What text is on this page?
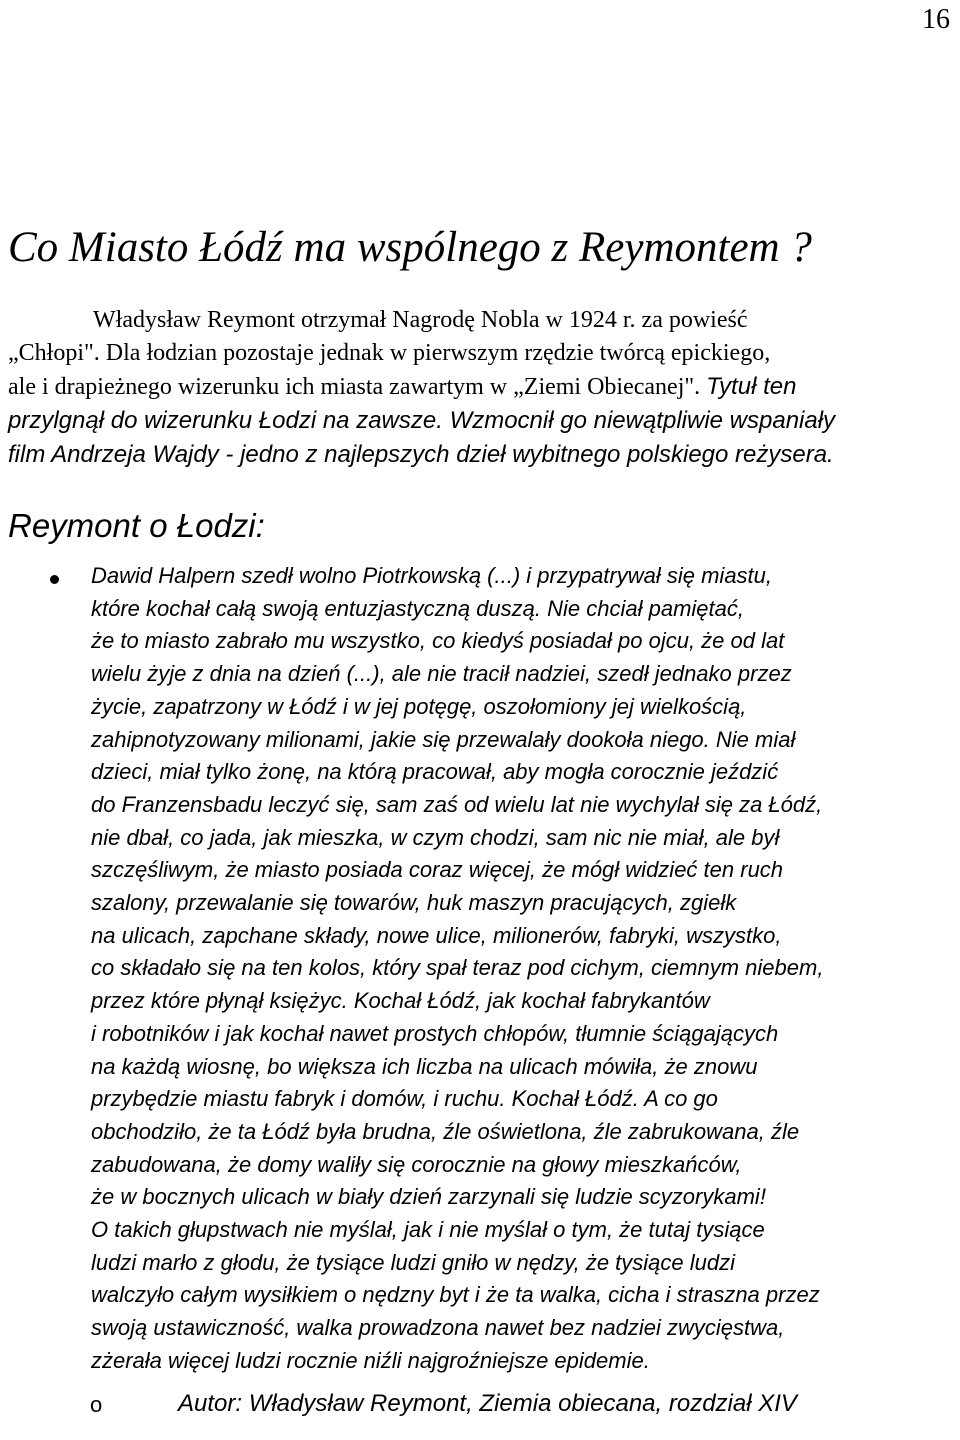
16
Co Miasto Łódź ma wspólnego z Reymontem ?

Władysław Reymont otrzymał Nagrodę Nobla w 1924 r. za powieść
„Chłopi". Dla łodzian pozostaje jednak w pierwszym rzędzie twórcą epickiego,
ale i drapieżnego wizerunku ich miasta zawartym w „Ziemi Obiecanej". Tytuł ten
przylgnął do wizerunku Łodzi na zawsze. Wzmocnił go niewątpliwie wspaniały
film Andrzeja Wajdy - jedno z najlepszych dzieł wybitnego polskiego reżysera.

Reymont o Łodzi:

Dawid Halpern szedł wolno Piotrkowską (...) i przypatrywał się miastu,
które kochał całą swoją entuzjastyczną duszą. Nie chciał pamiętać,
że to miasto zabrało mu wszystko, co kiedyś posiadał po ojcu, że od lat
wielu żyje z dnia na dzień (...), ale nie tracił nadziei, szedł jednako przez
życie, zapatrzony w Łódź i w jej potęgę, oszołomiony jej wielkością,
zahipnotyzowany milionami, jakie się przewalały dookoła niego. Nie miał
dzieci, miał tylko żonę, na którą pracował, aby mogła corocznie jeździć
do Franzensbadu leczyć się, sam zaś od wielu lat nie wychylał się za Łódź,
nie dbał, co jada, jak mieszka, w czym chodzi, sam nic nie miał, ale był
szczęśliwym, że miasto posiada coraz więcej, że mógł widzieć ten ruch
szalony, przewalanie się towarów, huk maszyn pracujących, zgiełk
na ulicach, zapchane składy, nowe ulice, milionerów, fabryki, wszystko,
co składało się na ten kolos, który spał teraz pod cichym, ciemnym niebem,
przez które płynął księżyc. Kochał Łódź, jak kochał fabrykantów
i robotników i jak kochał nawet prostych chłopów, tłumnie ściągających
na każdą wiosnę, bo większa ich liczba na ulicach mówiła, że znowu
przybędzie miastu fabryk i domów, i ruchu. Kochał Łódź. A co go
obchodziło, że ta Łódź była brudna, źle oświetlona, źle zabrukowana, źle
zabudowana, że domy waliły się corocznie na głowy mieszkańców,
że w bocznych ulicach w biały dzień zarzynali się ludzie scyzorykami!
O takich głupstwach nie myślał, jak i nie myślał o tym, że tutaj tysiące
ludzi marło z głodu, że tysiące ludzi gniło w nędzy, że tysiące ludzi
walczyło całym wysiłkiem o nędzny byt i że ta walka, cicha i straszna przez
swoją ustawiczność, walka prowadzona nawet bez nadziei zwycięstwa,
zżerała więcej ludzi rocznie niźli najgroźniejsze epidemie.

o	Autor: Władysław Reymont, Ziemia obiecana, rozdział XIV
